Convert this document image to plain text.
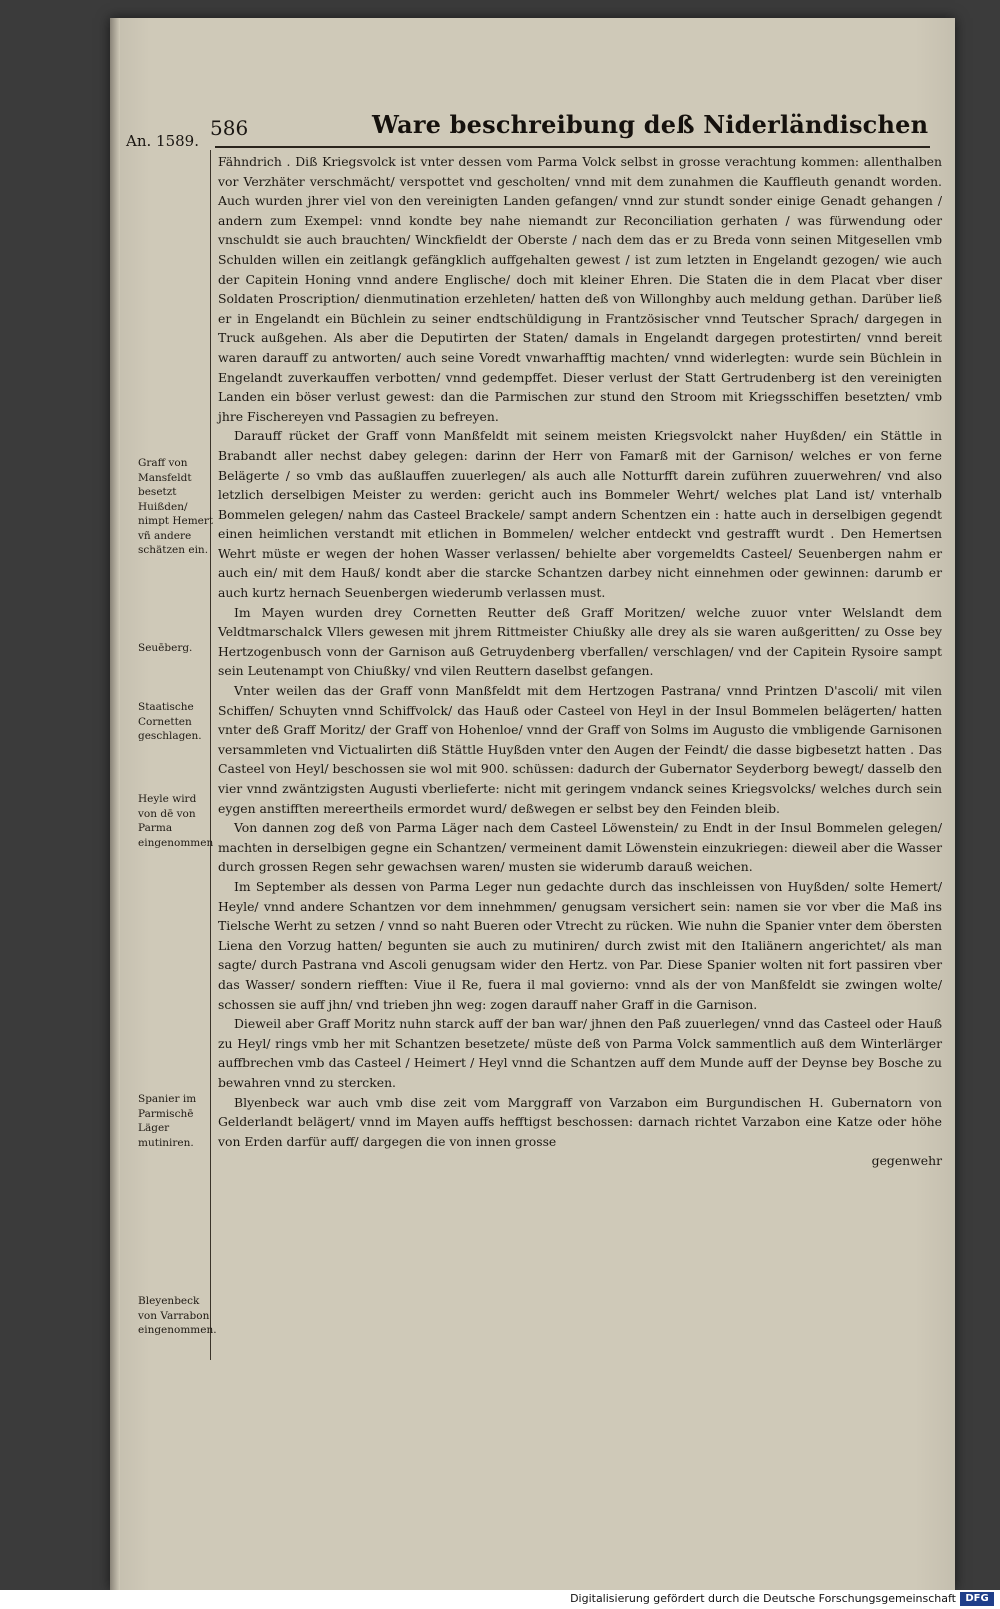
An. 1589.
586	Ware beschreibung deß Niderländischen

Fähndrich . Diß Kriegsvolck ist vnter dessen vom Parma Volck selbst in grosse verachtung kommen: allenthalben vor Verzhäter verschmächt/ verspottet vnd gescholten/ vnnd mit dem zunahmen die Kauffleuth genandt worden. Auch wurden jhrer viel von den vereinigten Landen gefangen/ vnnd zur stundt sonder einige Genadt gehangen / andern zum Exempel: vnnd kondte bey nahe niemandt zur Reconciliation gerhaten / was fürwendung oder vnschuldt sie auch brauchten/ Winckfieldt der Oberste / nach dem das er zu Breda vonn seinen Mitgesellen vmb Schulden willen ein zeitlangk gefängklich auffgehalten gewest / ist zum letzten in Engelandt gezogen/ wie auch der Capitein Honing vnnd andere Englische/ doch mit kleiner Ehren. Die Staten die in dem Placat vber diser Soldaten Proscription/ dienmutination erzehleten/ hatten deß von Willonghby auch meldung gethan. Darüber ließ er in Engelandt ein Büchlein zu seiner endtschüldigung in Frantzösischer vnnd Teutscher Sprach/ dargegen in Truck außgehen. Als aber die Deputirten der Staten/ damals in Engelandt dargegen protestirten/ vnnd bereit waren darauff zu antworten/ auch seine Voredt vnwarhafftig machten/ vnnd widerlegten: wurde sein Büchlein in Engelandt zuverkauffen verbotten/ vnnd gedempffet. Dieser verlust der Statt Gertrudenberg ist den vereinigten Landen ein böser verlust gewest: dan die Parmischen zur stund den Stroom mit Kriegsschiffen besetzten/ vmb jhre Fischereyen vnd Passagien zu befreyen.

Darauff rücket der Graff vonn Manßfeldt mit seinem meisten Kriegsvolckt naher Huyßden/ ein Stättle in Brabandt aller nechst dabey gelegen: darinn der Herr von Famarß mit der Garnison/ welches er von ferne Belägerte / so vmb das außlauffen zuuerlegen/ als auch alle Notturfft darein zuführen zuuerwehren/ vnd also letzlich derselbigen Meister zu werden: gericht auch ins Bommeler Wehrt/ welches plat Land ist/ vnterhalb Bommelen gelegen/ nahm das Casteel Brackele/ sampt andern Schentzen ein : hatte auch in derselbigen gegendt einen heimlichen verstandt mit etlichen in Bommelen/ welcher entdeckt vnd gestrafft wurdt . Den Hemertsen Wehrt müste er wegen der hohen Wasser verlassen/ behielte aber vorgemeldts Casteel/ Seuenbergen nahm er auch ein/ mit dem Hauß/ kondt aber die starcke Schantzen darbey nicht einnehmen oder gewinnen: darumb er auch kurtz hernach Seuenbergen wiederumb verlassen must.

Im Mayen wurden drey Cornetten Reutter deß Graff Moritzen/ welche zuuor vnter Welslandt dem Veldtmarschalck Vllers gewesen mit jhrem Rittmeister Chiußky alle drey als sie waren außgeritten/ zu Osse bey Hertzogenbusch vonn der Garnison auß Getruydenberg vberfallen/ verschlagen/ vnd der Capitein Rysoire sampt sein Leutenampt von Chiußky/ vnd vilen Reuttern daselbst gefangen.

Vnter weilen das der Graff vonn Manßfeldt mit dem Hertzogen Pastrana/ vnnd Printzen D'ascoli/ mit vilen Schiffen/ Schuyten vnnd Schiffvolck/ das Hauß oder Casteel von Heyl in der Insul Bommelen belägerten/ hatten vnter deß Graff Moritz/ der Graff von Hohenloe/ vnnd der Graff von Solms im Augusto die vmbligende Garnisonen versammleten vnd Victualirten diß Stättle Huyßden vnter den Augen der Feindt/ die dasse bigbesetzt hatten . Das Casteel von Heyl/ beschossen sie wol mit 900. schüssen: dadurch der Gubernator Seyderborg bewegt/ dasselb den vier vnnd zwäntzigsten Augusti vberlieferte: nicht mit geringem vndanck seines Kriegsvolcks/ welches durch sein eygen anstifften mereertheils ermordet wurd/ deßwegen er selbst bey den Feinden bleib.

Von dannen zog deß von Parma Läger nach dem Casteel Löwenstein/ zu Endt in der Insul Bommelen gelegen/ machten in derselbigen gegne ein Schantzen/ vermeinent damit Löwenstein einzukriegen: dieweil aber die Wasser durch grossen Regen sehr gewachsen waren/ musten sie widerumb darauß weichen.

Im September als dessen von Parma Leger nun gedachte durch das inschleissen von Huyßden/ solte Hemert/ Heyle/ vnnd andere Schantzen vor dem innehmmen/ genugsam versichert sein: namen sie vor vber die Maß ins Tielsche Werht zu setzen / vnnd so naht Bueren oder Vtrecht zu rücken. Wie nuhn die Spanier vnter dem öbersten Liena den Vorzug hatten/ begunten sie auch zu mutiniren/ durch zwist mit den Italiänern angerichtet/ als man sagte/ durch Pastrana vnd Ascoli genugsam wider den Hertz. von Par. Diese Spanier wolten nit fort passiren vber das Wasser/ sondern riefften: Viue il Re, fuera il mal govierno: vnnd als der von Manßfeldt sie zwingen wolte/ schossen sie auff jhn/ vnd trieben jhn weg: zogen darauff naher Graff in die Garnison.

Dieweil aber Graff Moritz nuhn starck auff der ban war/ jhnen den Paß zuuerlegen/ vnnd das Casteel oder Hauß zu Heyl/ rings vmb her mit Schantzen besetzete/ müste deß von Parma Volck sammentlich auß dem Winterlärger auffbrechen vmb das Casteel / Heimert / Heyl vnnd die Schantzen auff dem Munde auff der Deynse bey Bosche zu bewahren vnnd zu stercken.

Blyenbeck war auch vmb dise zeit vom Marggraff von Varzabon eim Burgundischen H. Gubernatorn von Gelderlandt belägert/ vnnd im Mayen auffs hefftigst beschossen: darnach richtet Varzabon eine Katze oder höhe von Erden darfür auff/ dargegen die von innen grosse

gegenwehr

Graff von Mansfeldt besetzt Huißden/ nimpt Hemert vñ andere schätzen ein.
Seuēberg.
Staatische Cornetten geschlagen.
Heyle wird von dē von Parma eingenommen
Spanier im Parmischē Läger mutiniren.
Bleyenbeck von Varrabon eingenommen.
Digitalisierung gefördert durch die Deutsche Forschungsgemeinschaft DFG
